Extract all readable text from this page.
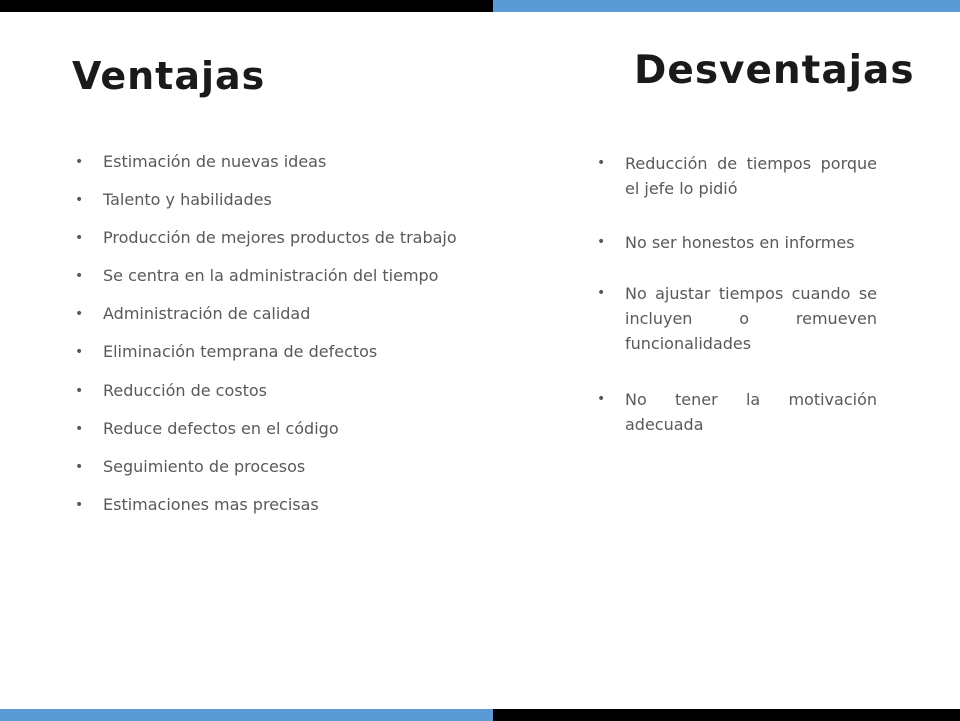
Ventajas	Desventajas
• Estimación de nuevas ideas
• Talento y habilidades
• Producción de mejores productos de trabajo
• Se centra en la administración del tiempo
• Administración de calidad
• Eliminación temprana de defectos
• Reducción de costos
• Reduce defectos en el código
• Seguimiento de procesos
• Estimaciones mas precisas
• Reducción de tiempos porque el jefe lo pidió
• No ser honestos en informes
• No ajustar tiempos cuando se incluyen o remueven funcionalidades
• No tener la motivación adecuada
